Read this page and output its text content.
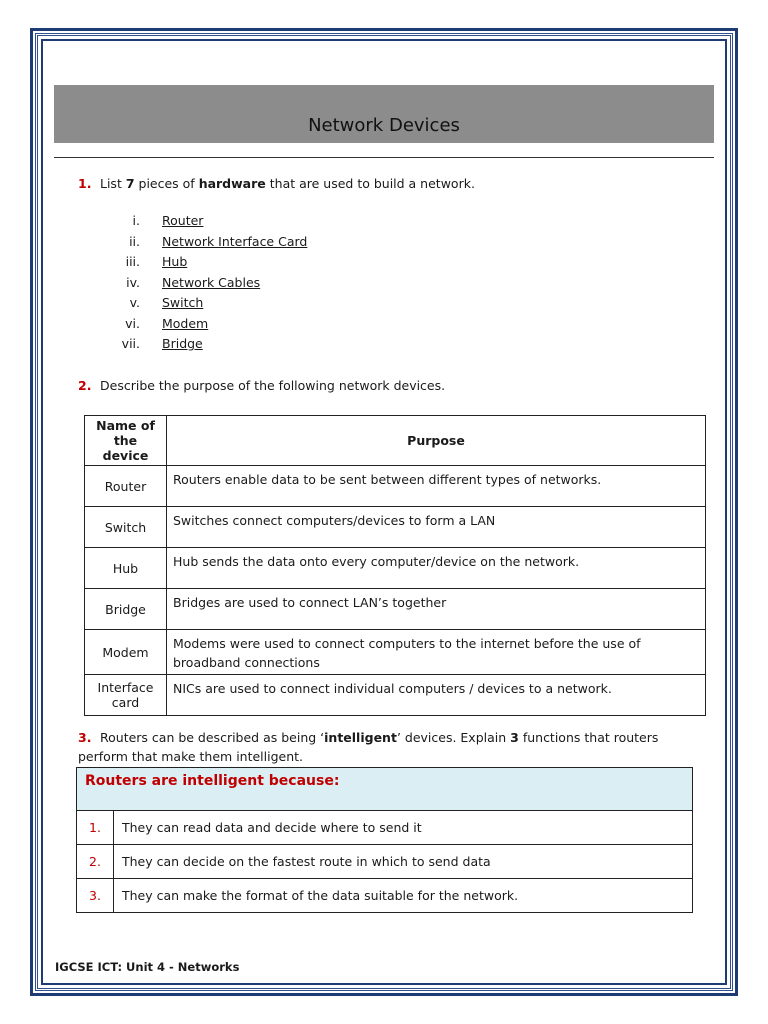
Network Devices
1. List 7 pieces of hardware that are used to build a network.
i. Router
ii. Network Interface Card
iii. Hub
iv. Network Cables
v. Switch
vi. Modem
vii. Bridge
2. Describe the purpose of the following network devices.
Name of
the device	Purpose
Router	Routers enable data to be sent between different types of networks.
Switch	Switches connect computers/devices to form a LAN
Hub	Hub sends the data onto every computer/device on the network.
Bridge	Bridges are used to connect LAN’s together
Modem	Modems were used to connect computers to the internet before the use of broadband connections
Interface card	NICs are used to connect individual computers / devices to a network.
3. Routers can be described as being ‘intelligent’ devices. Explain 3 functions that routers perform that make them intelligent.
Routers are intelligent because:	
1.	They can read data and decide where to send it
2.	They can decide on the fastest route in which to send data
3.	They can make the format of the data suitable for the network.
IGCSE ICT: Unit 4 - Networks
